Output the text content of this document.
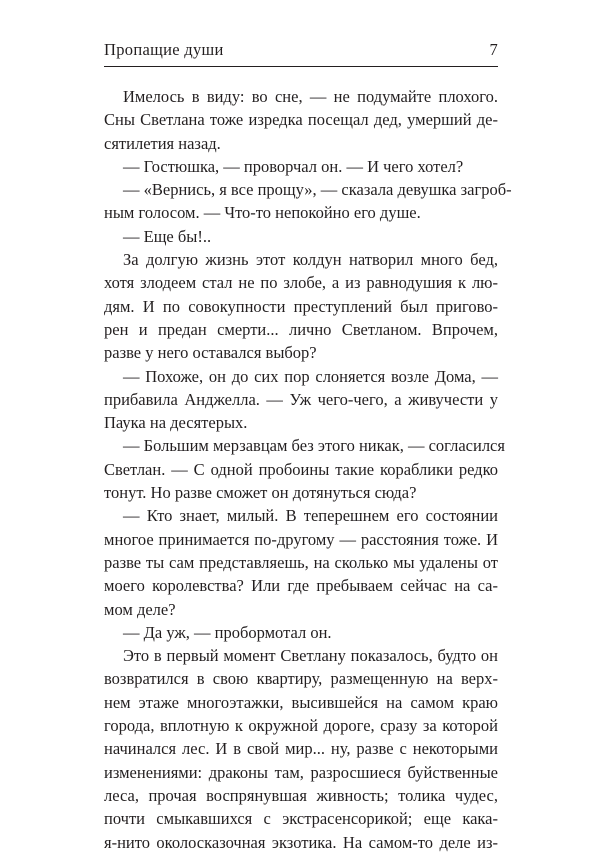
Пропащие души	7
Имелось в виду: во сне, — не подумайте плохого.
Сны Светлана тоже изредка посещал дед, умерший де-
сятилетия назад.
— Гостюшка, — проворчал он. — И чего хотел?
— «Вернись, я все прощу», — сказала девушка загроб-
ным голосом. — Что-то непокойно его душе.
— Еще бы!..
За долгую жизнь этот колдун натворил много бед,
хотя злодеем стал не по злобе, а из равнодушия к лю-
дям. И по совокупности преступлений был пригово-
рен и предан смерти... лично Светланом. Впрочем,
разве у него оставался выбор?
— Похоже, он до сих пор слоняется возле Дома, —
прибавила Анджелла. — Уж чего-чего, а живучести у
Паука на десятерых.
— Большим мерзавцам без этого никак, — согласился
Светлан. — С одной пробоины такие кораблики редко
тонут. Но разве сможет он дотянуться сюда?
— Кто знает, милый. В теперешнем его состоянии
многое принимается по-другому — расстояния тоже. И
разве ты сам представляешь, на сколько мы удалены от
моего королевства? Или где пребываем сейчас на са-
мом деле?
— Да уж, — пробормотал он.
Это в первый момент Светлану показалось, будто он
возвратился в свою квартиру, размещенную на верх-
нем этаже многоэтажки, высившейся на самом краю
города, вплотную к окружной дороге, сразу за которой
начинался лес. И в свой мир... ну, разве с некоторыми
изменениями: драконы там, разросшиеся буйственные
леса, прочая воспрянувшая живность; толика чудес,
почти смыкавшихся с экстрасенсорикой; еще кака-
я-нито околосказочная экзотика. На самом-то деле из-
